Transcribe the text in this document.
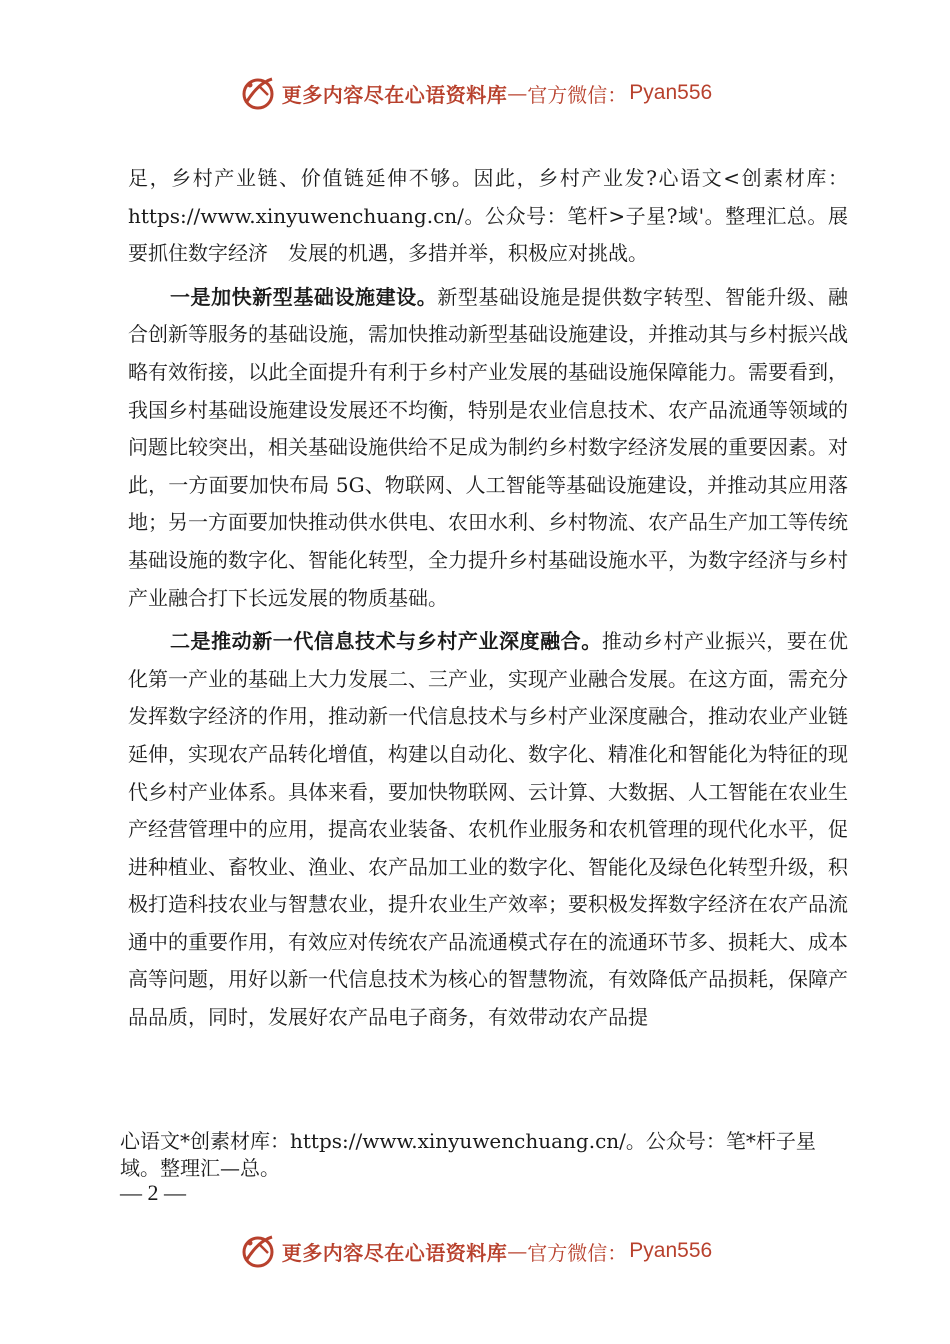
更多内容尽在心语资料库 — 官方微信： Pyan556

足，乡村产业链、价值链延伸不够。因此，乡村产业发?心语文<创素材库：https://www.xinyuwenchuang.cn/。公众号：笔杆>子星?域'。整理汇总。展要抓住数字经济　发展的机遇，多措并举，积极应对挑战。

一是加快新型基础设施建设。新型基础设施是提供数字转型、智能升级、融合创新等服务的基础设施，需加快推动新型基础设施建设，并推动其与乡村振兴战略有效衔接，以此全面提升有利于乡村产业发展的基础设施保障能力。需要看到，我国乡村基础设施建设发展还不均衡，特别是农业信息技术、农产品流通等领域的问题比较突出，相关基础设施供给不足成为制约乡村数字经济发展的重要因素。对此，一方面要加快布局 5G、物联网、人工智能等基础设施建设，并推动其应用落地；另一方面要加快推动供水供电、农田水利、乡村物流、农产品生产加工等传统基础设施的数字化、智能化转型，全力提升乡村基础设施水平，为数字经济与乡村产业融合打下长远发展的物质基础。

二是推动新一代信息技术与乡村产业深度融合。推动乡村产业振兴，要在优化第一产业的基础上大力发展二、三产业，实现产业融合发展。在这方面，需充分发挥数字经济的作用，推动新一代信息技术与乡村产业深度融合，推动农业产业链延伸，实现农产品转化增值，构建以自动化、数字化、精准化和智能化为特征的现代乡村产业体系。具体来看，要加快物联网、云计算、大数据、人工智能在农业生产经营管理中的应用，提高农业装备、农机作业服务和农机管理的现代化水平，促进种植业、畜牧业、渔业、农产品加工业的数字化、智能化及绿色化转型升级，积极打造科技农业与智慧农业，提升农业生产效率；要积极发挥数字经济在农产品流通中的重要作用，有效应对传统农产品流通模式存在的流通环节多、损耗大、成本高等问题，用好以新一代信息技术为核心的智慧物流，有效降低产品损耗，保障产品品质，同时，发展好农产品电子商务，有效带动农产品提

心语文*创素材库：https://www.xinyuwenchuang.cn/。公众号：笔*杆子星域。整理汇—总。
— 2 —
更多内容尽在心语资料库 — 官方微信： Pyan556
